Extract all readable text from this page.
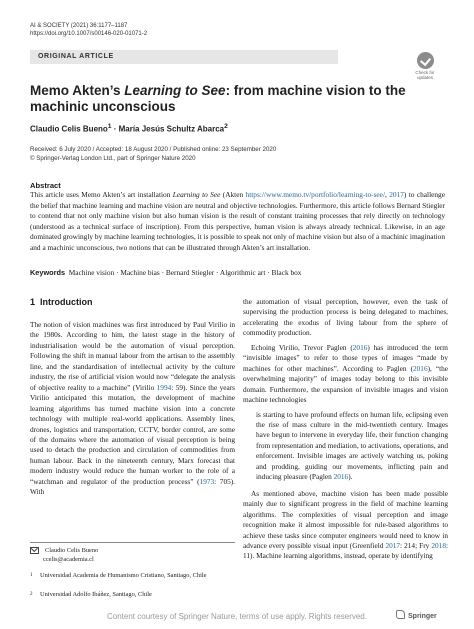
AI & SOCIETY (2021) 36:1177–1187
https://doi.org/10.1007/s00146-020-01071-2
ORIGINAL ARTICLE
Check for updates
Memo Akten’s Learning to See: from machine vision to the machinic unconscious
Claudio Celis Bueno$^1$ · María Jesús Schultz Abarca$^2$
Received: 6 July 2020 / Accepted: 18 August 2020 / Published online: 23 September 2020
© Springer-Verlag London Ltd., part of Springer Nature 2020
Abstract
This article uses Memo Akten’s art installation Learning to See (Akten https://www.memo.tv/portfolio/learning-to-see/, 2017) to challenge the belief that machine learning and machine vision are neutral and objective technologies. Furthermore, this article follows Bernard Stiegler to contend that not only machine vision but also human vision is the result of constant training processes that rely directly on technology (understood as a technical surface of inscription). From this perspective, human vision is always already technical. Likewise, in an age dominated growingly by machine learning technologies, it is possible to speak not only of machine vision but also of a machinic imagination and a machinic unconscious, two notions that can be illustrated through Akten’s art installation.
Keywords Machine vision · Machine bias · Bernard Stiegler · Algorithmic art · Black box
1 Introduction

The notion of vision machines was first introduced by Paul Virilio in the 1980s. According to him, the latest stage in the history of industrialisation would be the automation of visual perception. Following the shift in manual labour from the artisan to the assembly line, and the standardisation of intellectual activity by the culture industry, the rise of artificial vision would now “delegate the analysis of objective reality to a machine” (Virilio 1994: 59). Since the years Virilio anticipated this mutation, the development of machine learning algorithms has turned machine vision into a concrete technology with multiple real-world applications. Assembly lines, drones, logistics and transportation, CCTV, border control, are some of the domains where the automation of visual perception is being used to detach the production and circulation of commodities from human labour. Back in the nineteenth century, Marx forecast that modern industry would reduce the human worker to the role of a “watchman and regulator of the production process” (1973: 705). With

the automation of visual perception, however, even the task of supervising the production process is being delegated to machines, accelerating the exodus of living labour from the sphere of commodity production.

Echoing Virilio, Trevor Paglen (2016) has introduced the term “invisible images” to refer to those types of images “made by machines for other machines”. According to Paglen (2016), “the overwhelming majority” of images today belong to this invisible domain. Furthermore, the expansion of invisible images and vision machine technologies

is starting to have profound effects on human life, eclipsing even the rise of mass culture in the mid-twentieth century. Images have begun to intervene in everyday life, their function changing from representation and mediation, to activations, operations, and enforcement. Invisible images are actively watching us, poking and prodding, guiding our movements, inflicting pain and inducing pleasure (Paglen 2016).

As mentioned above, machine vision has been made possible mainly due to significant progress in the field of machine learning algorithms. The complexities of visual perception and image recognition make it almost impossible for rule-based algorithms to achieve these tasks since computer engineers would need to know in advance every possible visual input (Greenfield 2017: 214; Fry 2018: 11). Machine learning algorithms, instead, operate by identifying

Claudio Celis Bueno
ccelis@academia.cl
1 Universidad Academia de Humanismo Cristiano, Santiago, Chile
2 Universidad Adolfo Ibáñez, Santiago, Chile
Springer
Content courtesy of Springer Nature, terms of use apply. Rights reserved.
